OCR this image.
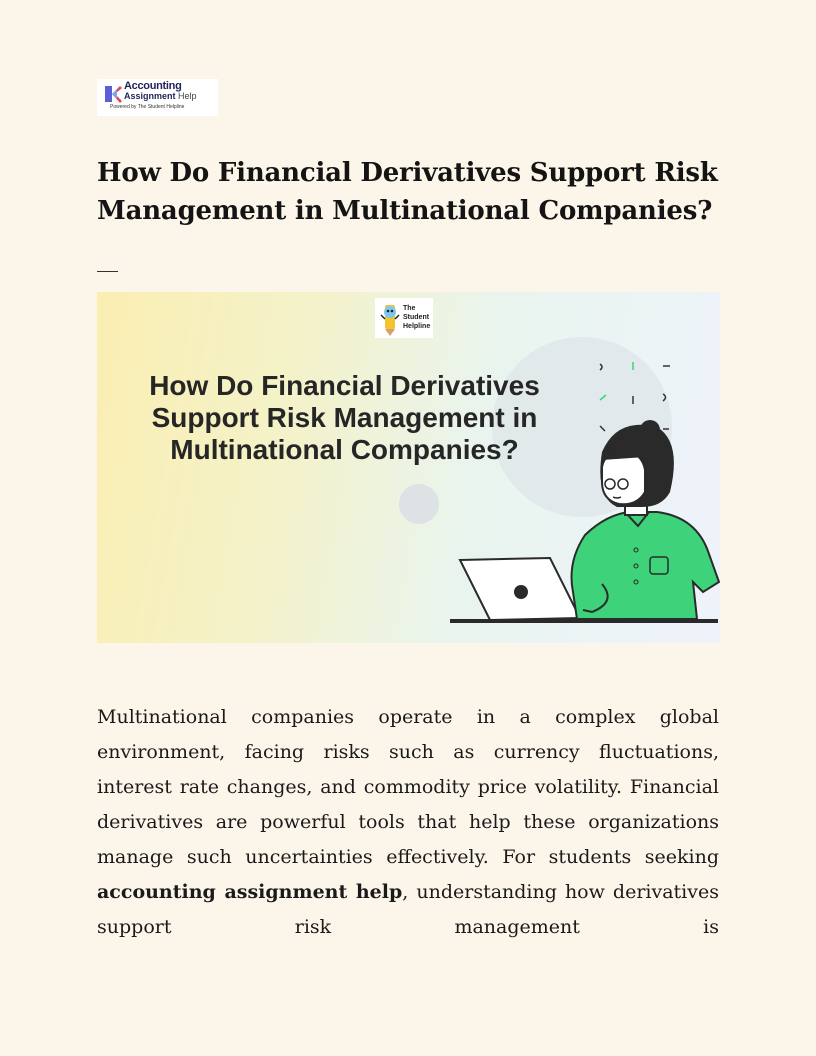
Accounting
Assignment Help
Powered by The Student Helpline
How Do Financial Derivatives Support Risk Management in Multinational Companies?
The Student Helpline
How Do Financial Derivatives Support Risk Management in Multinational Companies?

Multinational companies operate in a complex global environment, facing risks such as currency fluctuations, interest rate changes, and commodity price volatility. Financial derivatives are powerful tools that help these organizations manage such uncertainties effectively. For students seeking accounting assignment help, understanding how derivatives support risk management is
